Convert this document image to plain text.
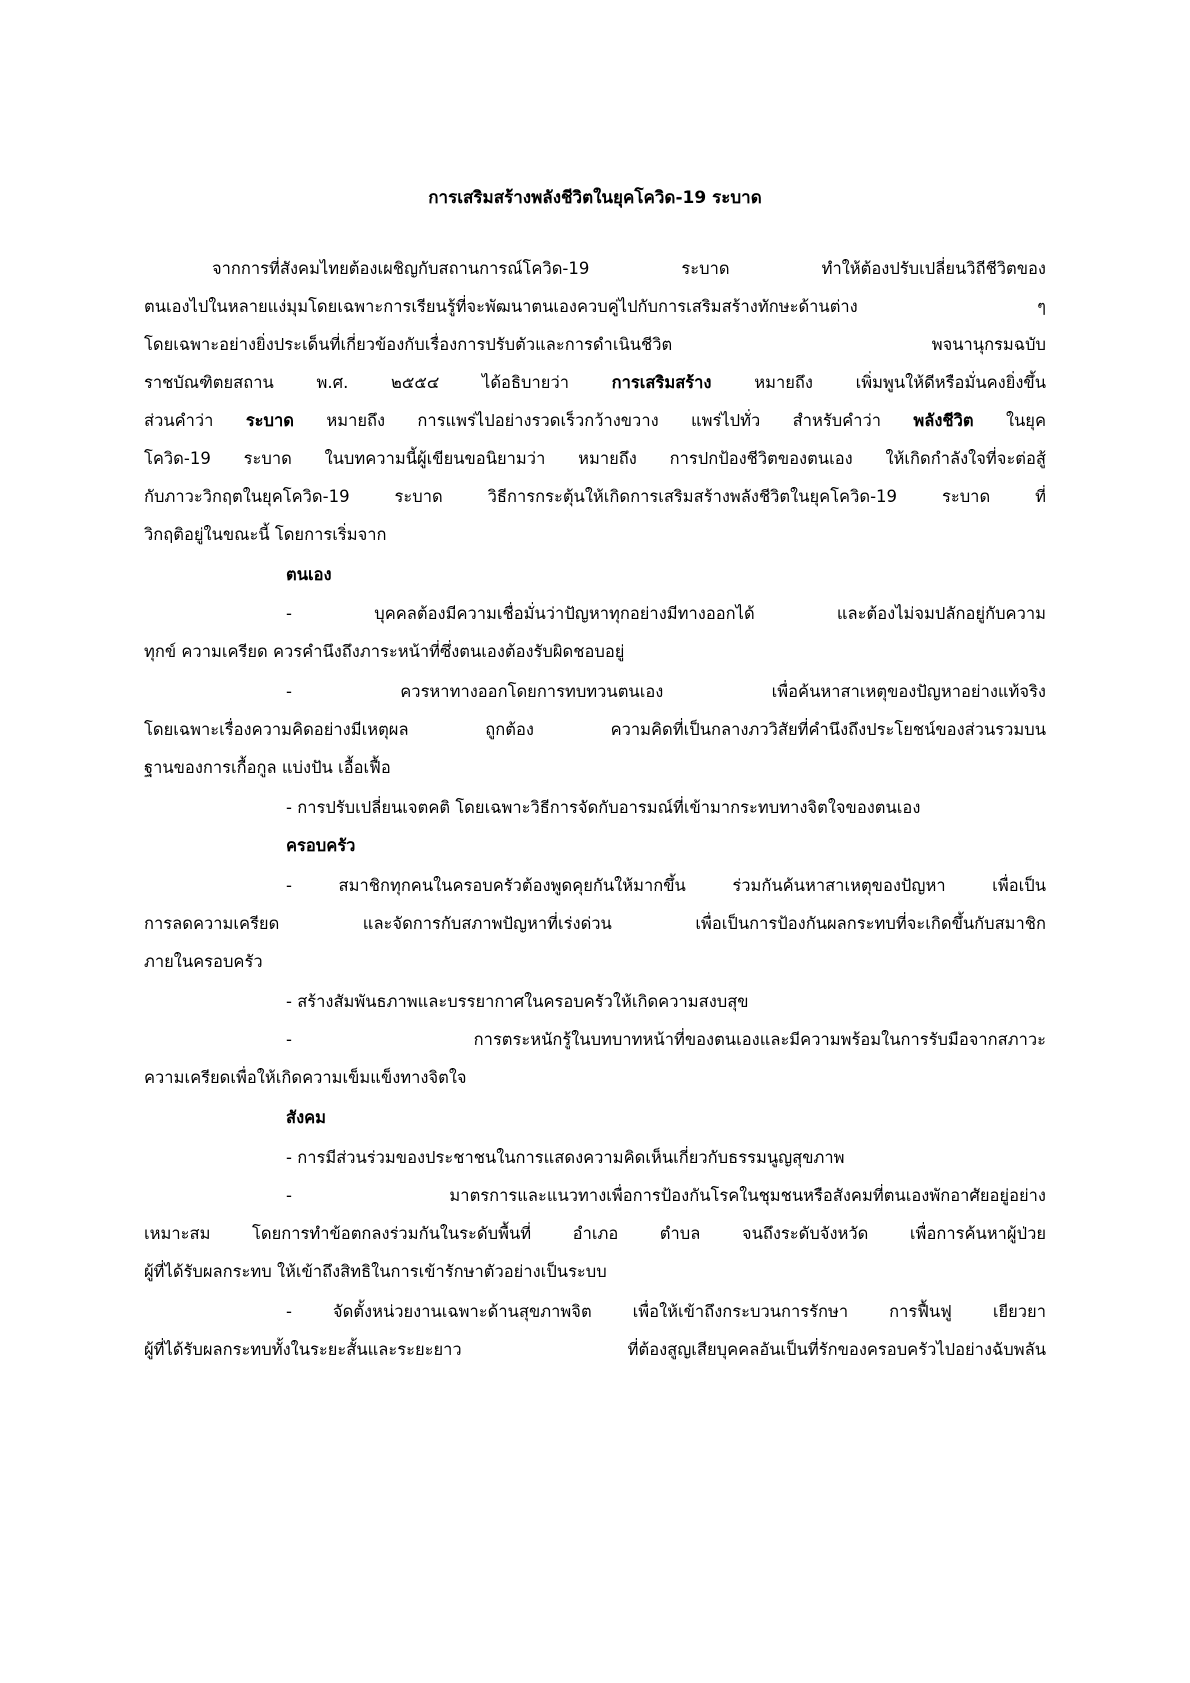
การเสริมสร้างพลังชีวิตในยุคโควิด-19 ระบาด
จากการที่สังคมไทยต้องเผชิญกับสถานการณ์โควิด-19 ระบาด ทำให้ต้องปรับเปลี่ยนวิถีชีวิตของ
ตนเองไปในหลายแง่มุมโดยเฉพาะการเรียนรู้ที่จะพัฒนาตนเองควบคู่ไปกับการเสริมสร้างทักษะด้านต่าง ๆ
โดยเฉพาะอย่างยิ่งประเด็นที่เกี่ยวข้องกับเรื่องการปรับตัวและการดำเนินชีวิต พจนานุกรมฉบับ
ราชบัณฑิตยสถาน พ.ศ. ๒๕๕๔ ได้อธิบายว่า การเสริมสร้าง หมายถึง เพิ่มพูนให้ดีหรือมั่นคงยิ่งขึ้น
ส่วนคำว่า ระบาด หมายถึง การแพร่ไปอย่างรวดเร็วกว้างขวาง แพร่ไปทั่ว สำหรับคำว่า พลังชีวิต ในยุค
โควิด-19 ระบาด ในบทความนี้ผู้เขียนขอนิยามว่า หมายถึง การปกป้องชีวิตของตนเอง ให้เกิดกำลังใจที่จะต่อสู้
กับภาวะวิกฤตในยุคโควิด-19 ระบาด วิธีการกระตุ้นให้เกิดการเสริมสร้างพลังชีวิตในยุคโควิด-19 ระบาด ที่
วิกฤติอยู่ในขณะนี้ โดยการเริ่มจาก
ตนเอง
- บุคคลต้องมีความเชื่อมั่นว่าปัญหาทุกอย่างมีทางออกได้ และต้องไม่จมปลักอยู่กับความ
ทุกข์ ความเครียด ควรคำนึงถึงภาระหน้าที่ซึ่งตนเองต้องรับผิดชอบอยู่
- ควรหาทางออกโดยการทบทวนตนเอง เพื่อค้นหาสาเหตุของปัญหาอย่างแท้จริง
โดยเฉพาะเรื่องความคิดอย่างมีเหตุผล ถูกต้อง ความคิดที่เป็นกลางภววิสัยที่คำนึงถึงประโยชน์ของส่วนรวมบน
ฐานของการเกื้อกูล แบ่งปัน เอื้อเฟื้อ
- การปรับเปลี่ยนเจตคติ โดยเฉพาะวิธีการจัดกับอารมณ์ที่เข้ามากระทบทางจิตใจของตนเอง
ครอบครัว
- สมาชิกทุกคนในครอบครัวต้องพูดคุยกันให้มากขึ้น ร่วมกันค้นหาสาเหตุของปัญหา เพื่อเป็น
การลดความเครียด และจัดการกับสภาพปัญหาที่เร่งด่วน เพื่อเป็นการป้องกันผลกระทบที่จะเกิดขึ้นกับสมาชิก
ภายในครอบครัว
- สร้างสัมพันธภาพและบรรยากาศในครอบครัวให้เกิดความสงบสุข
- การตระหนักรู้ในบทบาทหน้าที่ของตนเองและมีความพร้อมในการรับมือจากสภาวะ
ความเครียดเพื่อให้เกิดความเข็มแข็งทางจิตใจ
สังคม
- การมีส่วนร่วมของประชาชนในการแสดงความคิดเห็นเกี่ยวกับธรรมนูญสุขภาพ
- มาตรการและแนวทางเพื่อการป้องกันโรคในชุมชนหรือสังคมที่ตนเองพักอาศัยอยู่อย่าง
เหมาะสม โดยการทำข้อตกลงร่วมกันในระดับพื้นที่ อำเภอ ตำบล จนถึงระดับจังหวัด เพื่อการค้นหาผู้ป่วย
ผู้ที่ได้รับผลกระทบ ให้เข้าถึงสิทธิในการเข้ารักษาตัวอย่างเป็นระบบ
- จัดตั้งหน่วยงานเฉพาะด้านสุขภาพจิต เพื่อให้เข้าถึงกระบวนการรักษา การฟื้นฟู เยียวยา
ผู้ที่ได้รับผลกระทบทั้งในระยะสั้นและระยะยาว ที่ต้องสูญเสียบุคคลอันเป็นที่รักของครอบครัวไปอย่างฉับพลัน
